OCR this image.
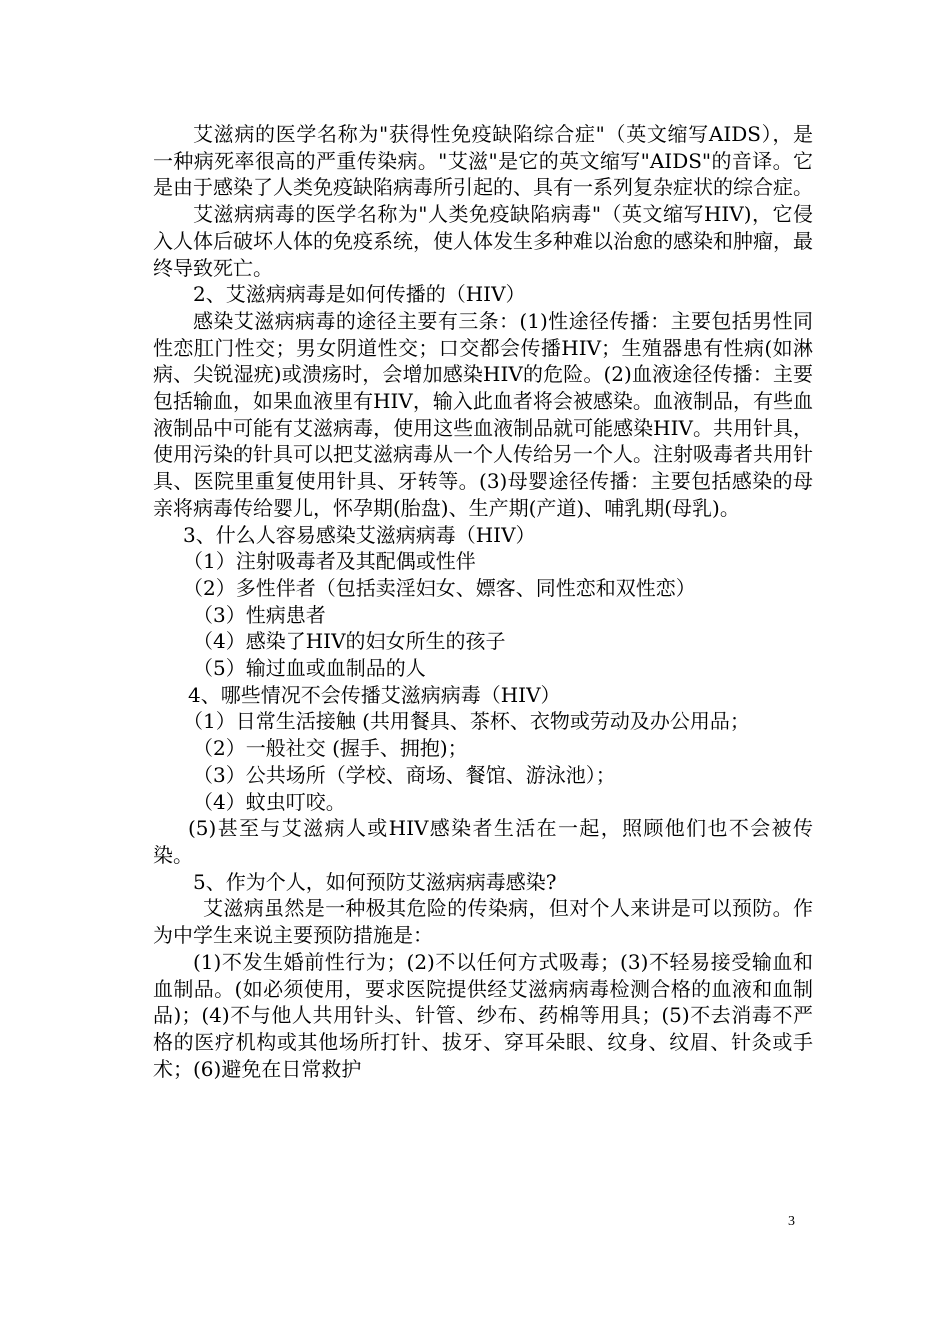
艾滋病的医学名称为"获得性免疫缺陷综合症"（英文缩写AIDS），是一种病死率很高的严重传染病。"艾滋"是它的英文缩写"AIDS"的音译。它是由于感染了人类免疫缺陷病毒所引起的、具有一系列复杂症状的综合症。

艾滋病病毒的医学名称为"人类免疫缺陷病毒"（英文缩写HIV)，它侵入人体后破坏人体的免疫系统，使人体发生多种难以治愈的感染和肿瘤，最终导致死亡。

2、艾滋病病毒是如何传播的（HIV）

感染艾滋病病毒的途径主要有三条：(1)性途径传播：主要包括男性同性恋肛门性交；男女阴道性交；口交都会传播HIV；生殖器患有性病(如淋病、尖锐湿疣)或溃疡时，会增加感染HIV的危险。(2)血液途径传播：主要包括输血，如果血液里有HIV，输入此血者将会被感染。血液制品，有些血液制品中可能有艾滋病毒，使用这些血液制品就可能感染HIV。共用针具，使用污染的针具可以把艾滋病毒从一个人传给另一个人。注射吸毒者共用针具、医院里重复使用针具、牙转等。(3)母婴途径传播：主要包括感染的母亲将病毒传给婴儿，怀孕期(胎盘)、生产期(产道)、哺乳期(母乳)。

3、什么人容易感染艾滋病病毒（HIV）

（1）注射吸毒者及其配偶或性伴

（2）多性伴者（包括卖淫妇女、嫖客、同性恋和双性恋）

（3）性病患者

（4）感染了HIV的妇女所生的孩子

（5）输过血或血制品的人

4、哪些情况不会传播艾滋病病毒（HIV）

（1）日常生活接触 (共用餐具、茶杯、衣物或劳动及办公用品；

（2）一般社交 (握手、拥抱)；

（3）公共场所（学校、商场、餐馆、游泳池）；

（4）蚊虫叮咬。

(5)甚至与艾滋病人或HIV感染者生活在一起，照顾他们也不会被传染。

5、作为个人，如何预防艾滋病病毒感染?

艾滋病虽然是一种极其危险的传染病，但对个人来讲是可以预防。作为中学生来说主要预防措施是：

(1)不发生婚前性行为；(2)不以任何方式吸毒；(3)不轻易接受输血和血制品。(如必须使用，要求医院提供经艾滋病病毒检测合格的血液和血制品)；(4)不与他人共用针头、针管、纱布、药棉等用具；(5)不去消毒不严格的医疗机构或其他场所打针、拔牙、穿耳朵眼、纹身、纹眉、针灸或手术；(6)避免在日常救护

3
